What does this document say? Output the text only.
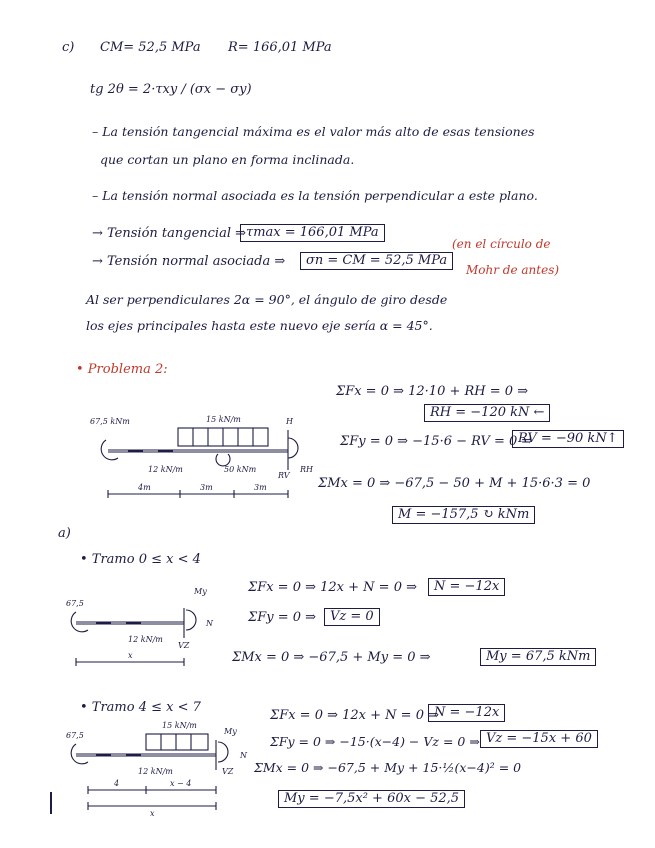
c) CM= 52,5 MPa R= 166,01 MPa
tg 2θ = 2·τxy / (σx − σy)
– La tensión tangencial máxima es el valor más alto de esas tensiones
que cortan un plano en forma inclinada.
– La tensión normal asociada es la tensión perpendicular a este plano.
→ Tensión tangencial ⇒ τmax = 166,01 MPa
→ Tensión normal asociada ⇒	σn = CM = 52,5 MPa
(en el círculo de
Mohr de antes)
Al ser perpendiculares 2α = 90°, el ángulo de giro desde
los ejes principales hasta este nuevo eje sería α = 45°.
• Problema 2:
ΣFx = 0 ⇒ 12·10 + RH = 0 ⇒
RH = −120 kN ←
ΣFy = 0 ⇒ −15·6 − RV = 0 ⇒
RV = −90 kN↑
ΣMx = 0 ⇒ −67,5 − 50 + M + 15·6·3 = 0
M = −157,5 ↻ kNm
67,5 kNm	15 kN/m	H
RV
RH
12 kN/m	50 kNm
4m	3m	3m
a)
• Tramo 0 ≤ x < 4
ΣFx = 0 ⇒ 12x + N = 0 ⇒	N = −12x
ΣFy = 0 ⇒	Vz = 0
ΣMx = 0 ⇒ −67,5 + My = 0 ⇒	My = 67,5 kNm
67,5
My
N
VZ
12 kN/m
x
• Tramo 4 ≤ x < 7
ΣFx = 0 ⇒ 12x + N = 0 ⇒
N = −12x
ΣFy = 0 ⇒ −15·(x−4) − Vz = 0 ⇒ Vz = −15x + 60
ΣMx = 0 ⇒ −67,5 + My + 15·½(x−4)² = 0
My = −7,5x² + 60x − 52,5
67,5
15 kN/m
My
N
VZ
12 kN/m
4	x − 4
x
